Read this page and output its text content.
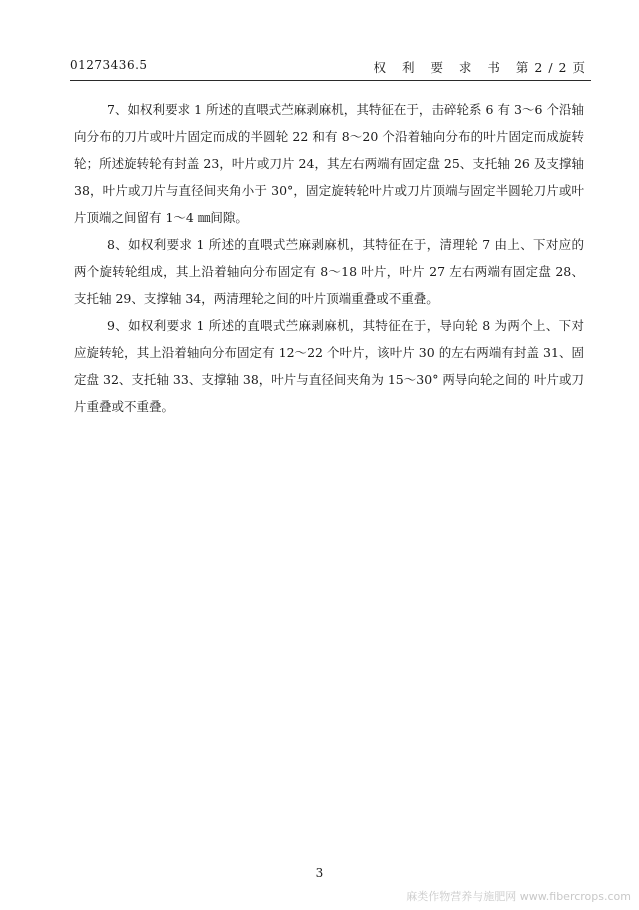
01273436.5	权 利 要 求 书 第2/2页

7、如权利要求 1 所述的直喂式苎麻剥麻机，其特征在于，击碎轮系 6 有 3～6 个沿轴向分布的刀片或叶片固定而成的半圆轮 22 和有 8～20 个沿着轴向分布的叶片固定而成旋转轮；所述旋转轮有封盖 23，叶片或刀片 24，其左右两端有固定盘 25、支托轴 26 及支撑轴 38，叶片或刀片与直径间夹角小于 30°，固定旋转轮叶片或刀片顶端与固定半圆轮刀片或叶片顶端之间留有 1～4 ㎜间隙。

8、如权利要求 1 所述的直喂式苎麻剥麻机，其特征在于，清理轮 7 由上、下对应的两个旋转轮组成，其上沿着轴向分布固定有 8～18 叶片，叶片 27 左右两端有固定盘 28、支托轴 29、支撑轴 34，两清理轮之间的叶片顶端重叠或不重叠。

9、如权利要求 1 所述的直喂式苎麻剥麻机，其特征在于，导向轮 8 为两个上、下对应旋转轮，其上沿着轴向分布固定有 12～22 个叶片，该叶片 30 的左右两端有封盖 31、固定盘 32、支托轴 33、支撑轴 38，叶片与直径间夹角为 15～30° 两导向轮之间的 叶片或刀片重叠或不重叠。

3
麻类作物营养与施肥网 www.fibercrops.com
